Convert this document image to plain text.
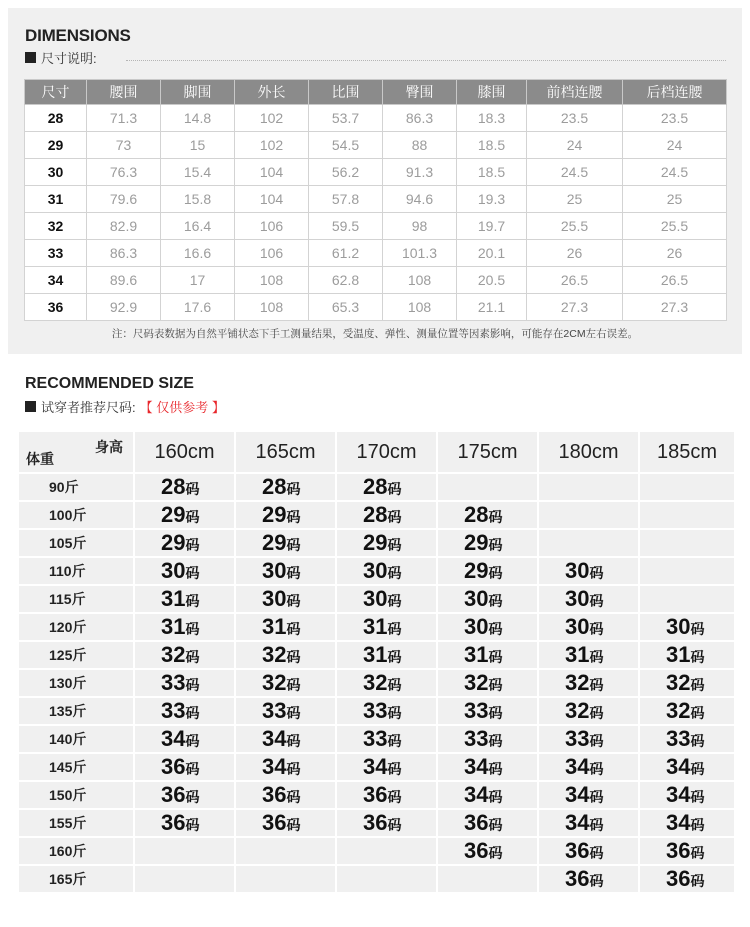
DIMENSIONS
尺寸说明:
尺寸	腰围	脚围	外长	比围	臀围	膝围	前档连腰	后档连腰
28	71.3	14.8	102	53.7	86.3	18.3	23.5	23.5
29	73	15	102	54.5	88	18.5	24	24
30	76.3	15.4	104	56.2	91.3	18.5	24.5	24.5
31	79.6	15.8	104	57.8	94.6	19.3	25	25
32	82.9	16.4	106	59.5	98	19.7	25.5	25.5
33	86.3	16.6	106	61.2	101.3	20.1	26	26
34	89.6	17	108	62.8	108	20.5	26.5	26.5
36	92.9	17.6	108	65.3	108	21.1	27.3	27.3
注：尺码表数据为自然平铺状态下手工测量结果，受温度、弹性、测量位置等因素影响，可能存在2CM左右误差。
RECOMMENDED SIZE
试穿者推荐尺码: 【 仅供参考 】
身高
体重	160cm	165cm	170cm	175cm	180cm	185cm
90斤	28码	28码	28码			
100斤	29码	29码	28码	28码		
105斤	29码	29码	29码	29码		
110斤	30码	30码	30码	29码	30码	
115斤	31码	30码	30码	30码	30码	
120斤	31码	31码	31码	30码	30码	30码
125斤	32码	32码	31码	31码	31码	31码
130斤	33码	32码	32码	32码	32码	32码
135斤	33码	33码	33码	33码	32码	32码
140斤	34码	34码	33码	33码	33码	33码
145斤	36码	34码	34码	34码	34码	34码
150斤	36码	36码	36码	34码	34码	34码
155斤	36码	36码	36码	36码	34码	34码
160斤				36码	36码	36码
165斤					36码	36码
